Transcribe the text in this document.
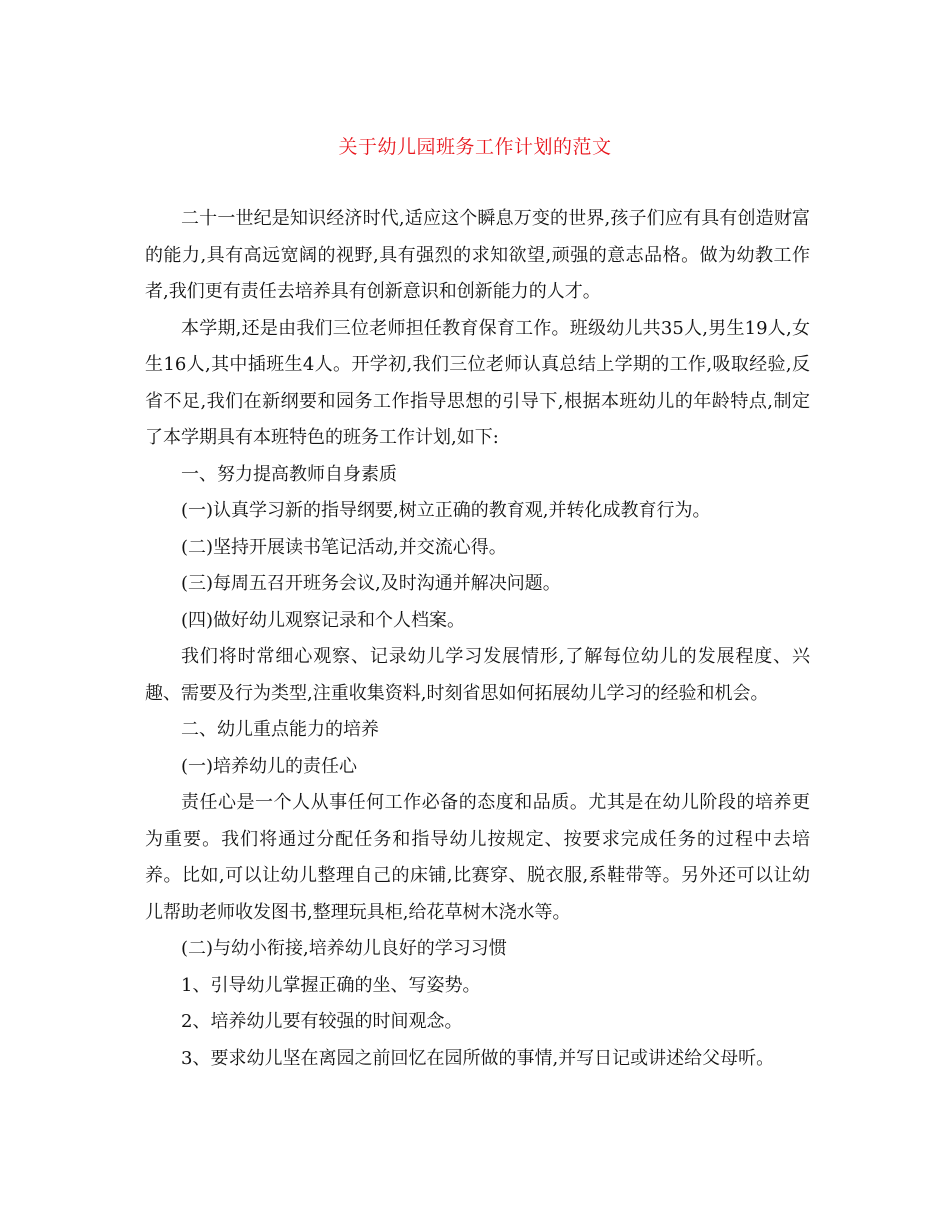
关于幼儿园班务工作计划的范文

二十一世纪是知识经济时代,适应这个瞬息万变的世界,孩子们应有具有创造财富的能力,具有高远宽阔的视野,具有强烈的求知欲望,顽强的意志品格。做为幼教工作者,我们更有责任去培养具有创新意识和创新能力的人才。

本学期,还是由我们三位老师担任教育保育工作。班级幼儿共35人,男生19人,女生16人,其中插班生4人。开学初,我们三位老师认真总结上学期的工作,吸取经验,反省不足,我们在新纲要和园务工作指导思想的引导下,根据本班幼儿的年龄特点,制定了本学期具有本班特色的班务工作计划,如下:

一、努力提高教师自身素质

(一)认真学习新的指导纲要,树立正确的教育观,并转化成教育行为。

(二)坚持开展读书笔记活动,并交流心得。

(三)每周五召开班务会议,及时沟通并解决问题。

(四)做好幼儿观察记录和个人档案。

我们将时常细心观察、记录幼儿学习发展情形,了解每位幼儿的发展程度、兴趣、需要及行为类型,注重收集资料,时刻省思如何拓展幼儿学习的经验和机会。

二、幼儿重点能力的培养

(一)培养幼儿的责任心

责任心是一个人从事任何工作必备的态度和品质。尤其是在幼儿阶段的培养更为重要。我们将通过分配任务和指导幼儿按规定、按要求完成任务的过程中去培养。比如,可以让幼儿整理自己的床铺,比赛穿、脱衣服,系鞋带等。另外还可以让幼儿帮助老师收发图书,整理玩具柜,给花草树木浇水等。

(二)与幼小衔接,培养幼儿良好的学习习惯

1、引导幼儿掌握正确的坐、写姿势。

2、培养幼儿要有较强的时间观念。

3、要求幼儿坚在离园之前回忆在园所做的事情,并写日记或讲述给父母听。
